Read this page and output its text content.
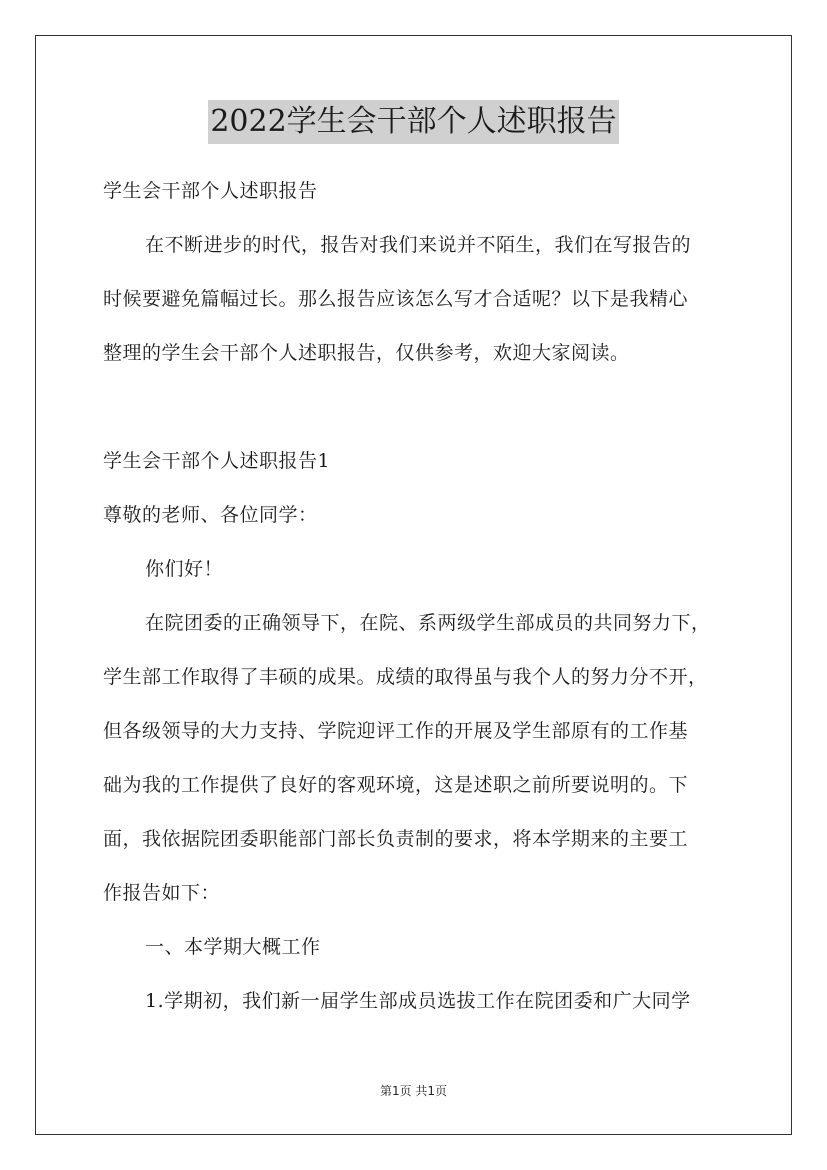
2022学生会干部个人述职报告

学生会干部个人述职报告

在不断进步的时代，报告对我们来说并不陌生，我们在写报告的

时候要避免篇幅过长。那么报告应该怎么写才合适呢？以下是我精心

整理的学生会干部个人述职报告，仅供参考，欢迎大家阅读。

学生会干部个人述职报告1

尊敬的老师、各位同学：

你们好！

在院团委的正确领导下，在院、系两级学生部成员的共同努力下，

学生部工作取得了丰硕的成果。成绩的取得虽与我个人的努力分不开，

但各级领导的大力支持、学院迎评工作的开展及学生部原有的工作基

础为我的工作提供了良好的客观环境，这是述职之前所要说明的。下

面，我依据院团委职能部门部长负责制的要求，将本学期来的主要工

作报告如下：

一、本学期大概工作

1.学期初，我们新一届学生部成员选拔工作在院团委和广大同学

第1页 共1页
